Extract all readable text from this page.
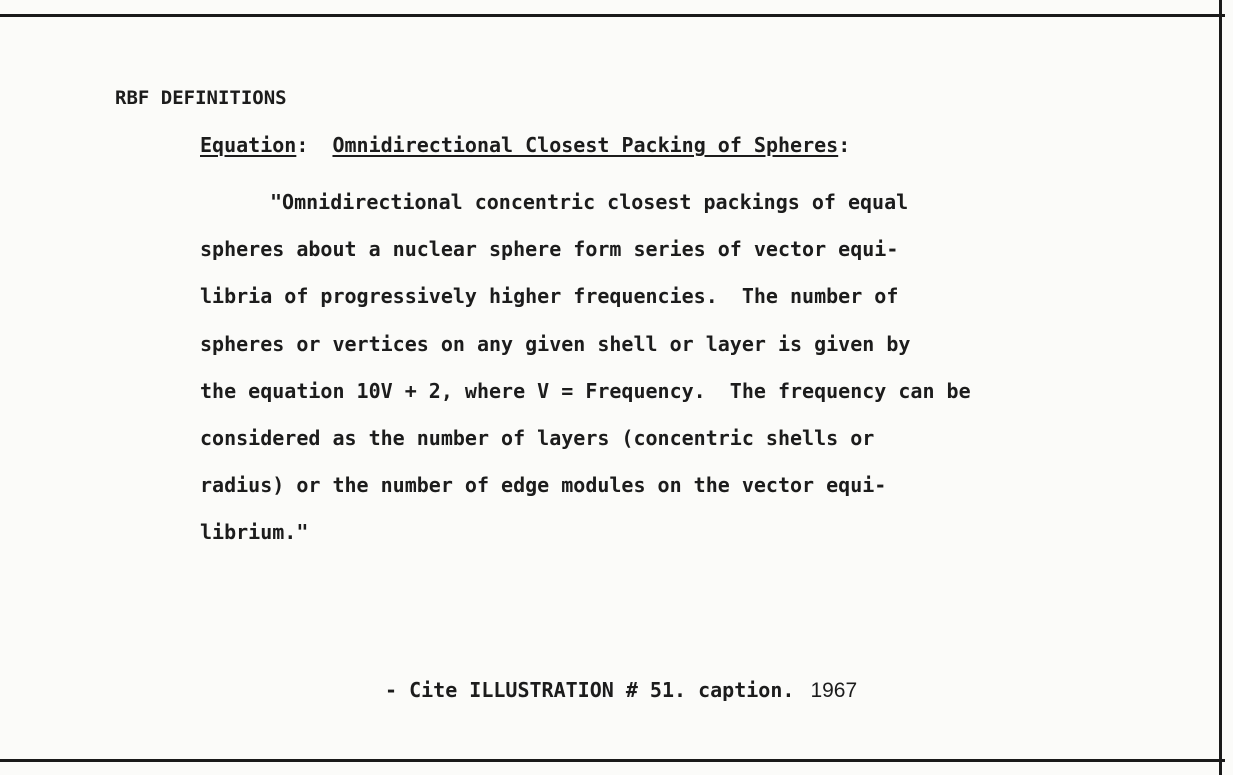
RBF DEFINITIONS
Equation: Omnidirectional Closest Packing of Spheres:
"Omnidirectional concentric closest packings of equal
spheres about a nuclear sphere form series of vector equi-
libria of progressively higher frequencies.  The number of
spheres or vertices on any given shell or layer is given by
the equation 10V + 2, where V = Frequency.  The frequency can be
considered as the number of layers (concentric shells or
radius) or the number of edge modules on the vector equi-
librium."
- Cite ILLUSTRATION # 51. caption. 1967
